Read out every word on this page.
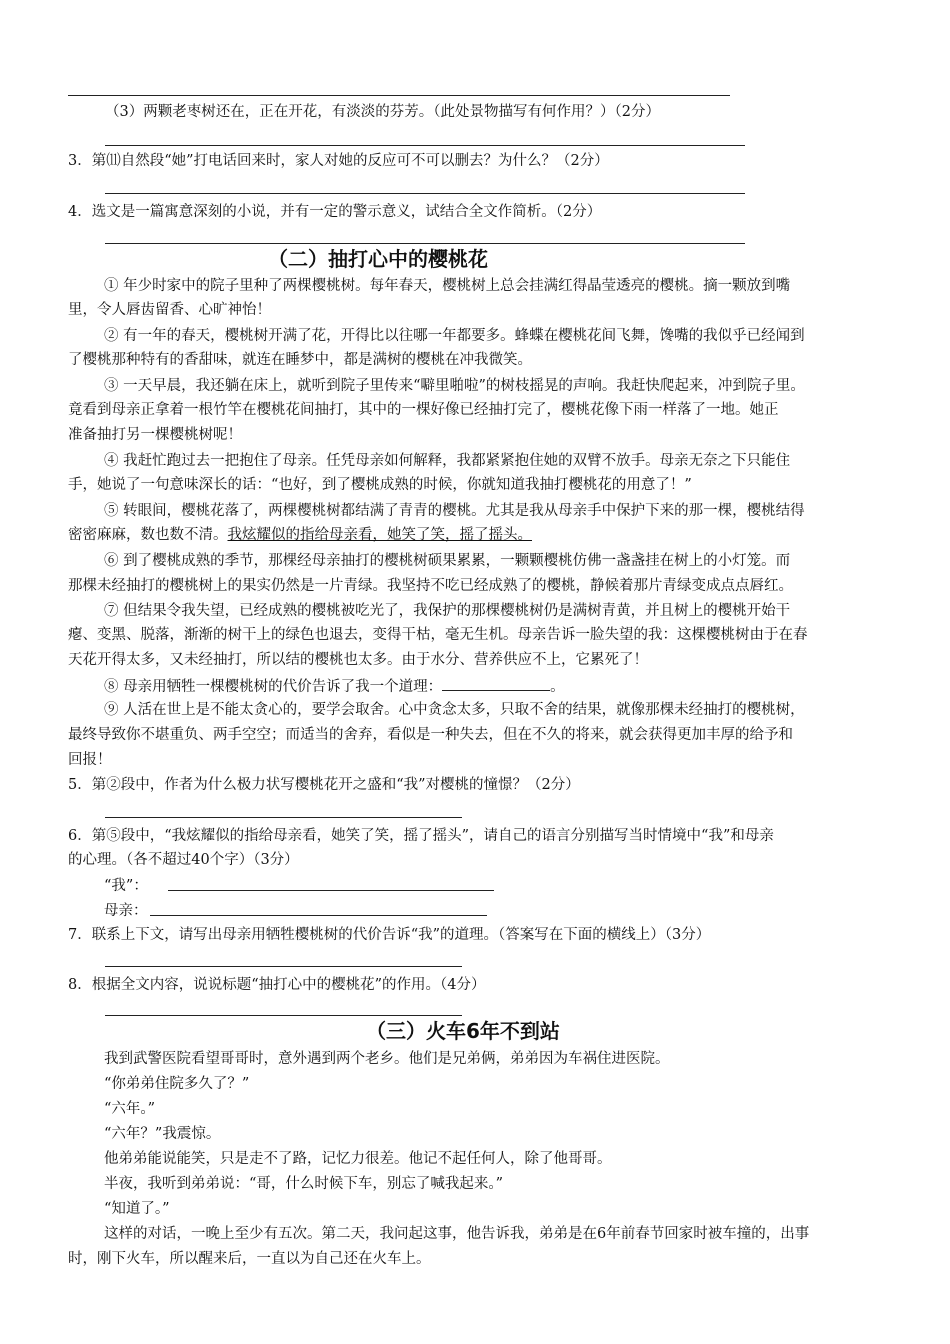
（3）两颗老枣树还在，正在开花，有淡淡的芬芳。（此处景物描写有何作用？）（2分）
3．第⑾自然段“她”打电话回来时，家人对她的反应可不可以删去？为什么？（2分）
4．选文是一篇寓意深刻的小说，并有一定的警示意义，试结合全文作简析。（2分）
（二）抽打心中的樱桃花
① 年少时家中的院子里种了两棵樱桃树。每年春天，樱桃树上总会挂满红得晶莹透亮的樱桃。摘一颗放到嘴
里，令人唇齿留香、心旷神怡！
② 有一年的春天，樱桃树开满了花，开得比以往哪一年都要多。蜂蝶在樱桃花间飞舞，馋嘴的我似乎已经闻到
了樱桃那种特有的香甜味，就连在睡梦中，都是满树的樱桃在冲我微笑。
③ 一天早晨，我还躺在床上，就听到院子里传来“噼里啪啦”的树枝摇晃的声响。我赶快爬起来，冲到院子里。
竟看到母亲正拿着一根竹竿在樱桃花间抽打，其中的一棵好像已经抽打完了，樱桃花像下雨一样落了一地。她正
准备抽打另一棵樱桃树呢！
④ 我赶忙跑过去一把抱住了母亲。任凭母亲如何解释，我都紧紧抱住她的双臂不放手。母亲无奈之下只能住
手，她说了一句意味深长的话：“也好，到了樱桃成熟的时候，你就知道我抽打樱桃花的用意了！”
⑤ 转眼间，樱桃花落了，两棵樱桃树都结满了青青的樱桃。尤其是我从母亲手中保护下来的那一棵，樱桃结得
密密麻麻，数也数不清。我炫耀似的指给母亲看，她笑了笑，摇了摇头。
⑥ 到了樱桃成熟的季节，那棵经母亲抽打的樱桃树硕果累累，一颗颗樱桃仿佛一盏盏挂在树上的小灯笼。而
那棵未经抽打的樱桃树上的果实仍然是一片青绿。我坚持不吃已经成熟了的樱桃，静候着那片青绿变成点点唇红。
⑦ 但结果令我失望，已经成熟的樱桃被吃光了，我保护的那棵樱桃树仍是满树青黄，并且树上的樱桃开始干
瘪、变黑、脱落，渐渐的树干上的绿色也退去，变得干枯，毫无生机。母亲告诉一脸失望的我：这棵樱桃树由于在春
天花开得太多，又未经抽打，所以结的樱桃也太多。由于水分、营养供应不上，它累死了！
⑧ 母亲用牺牲一棵樱桃树的代价告诉了我一个道理：	。
⑨ 人活在世上是不能太贪心的，要学会取舍。心中贪念太多，只取不舍的结果，就像那棵未经抽打的樱桃树，
最终导致你不堪重负、两手空空；而适当的舍弃，看似是一种失去，但在不久的将来，就会获得更加丰厚的给予和
回报！
5．第②段中，作者为什么极力状写樱桃花开之盛和“我”对樱桃的憧憬？（2分）
6．第⑤段中，“我炫耀似的指给母亲看，她笑了笑，摇了摇头”，请自己的语言分别描写当时情境中“我”和母亲
的心理。（各不超过40个字）（3分）
“我”：
母亲：
7．联系上下文，请写出母亲用牺牲樱桃树的代价告诉“我”的道理。（答案写在下面的横线上）（3分）
8．根据全文内容，说说标题“抽打心中的樱桃花”的作用。（4分）
（三）火车6年不到站
我到武警医院看望哥哥时，意外遇到两个老乡。他们是兄弟俩，弟弟因为车祸住进医院。
“你弟弟住院多久了？”
“六年。”
“六年？”我震惊。
他弟弟能说能笑，只是走不了路，记忆力很差。他记不起任何人，除了他哥哥。
半夜，我听到弟弟说：“哥，什么时候下车，别忘了喊我起来。”
“知道了。”
这样的对话，一晚上至少有五次。第二天，我问起这事，他告诉我，弟弟是在6年前春节回家时被车撞的，出事
时，刚下火车，所以醒来后，一直以为自己还在火车上。
